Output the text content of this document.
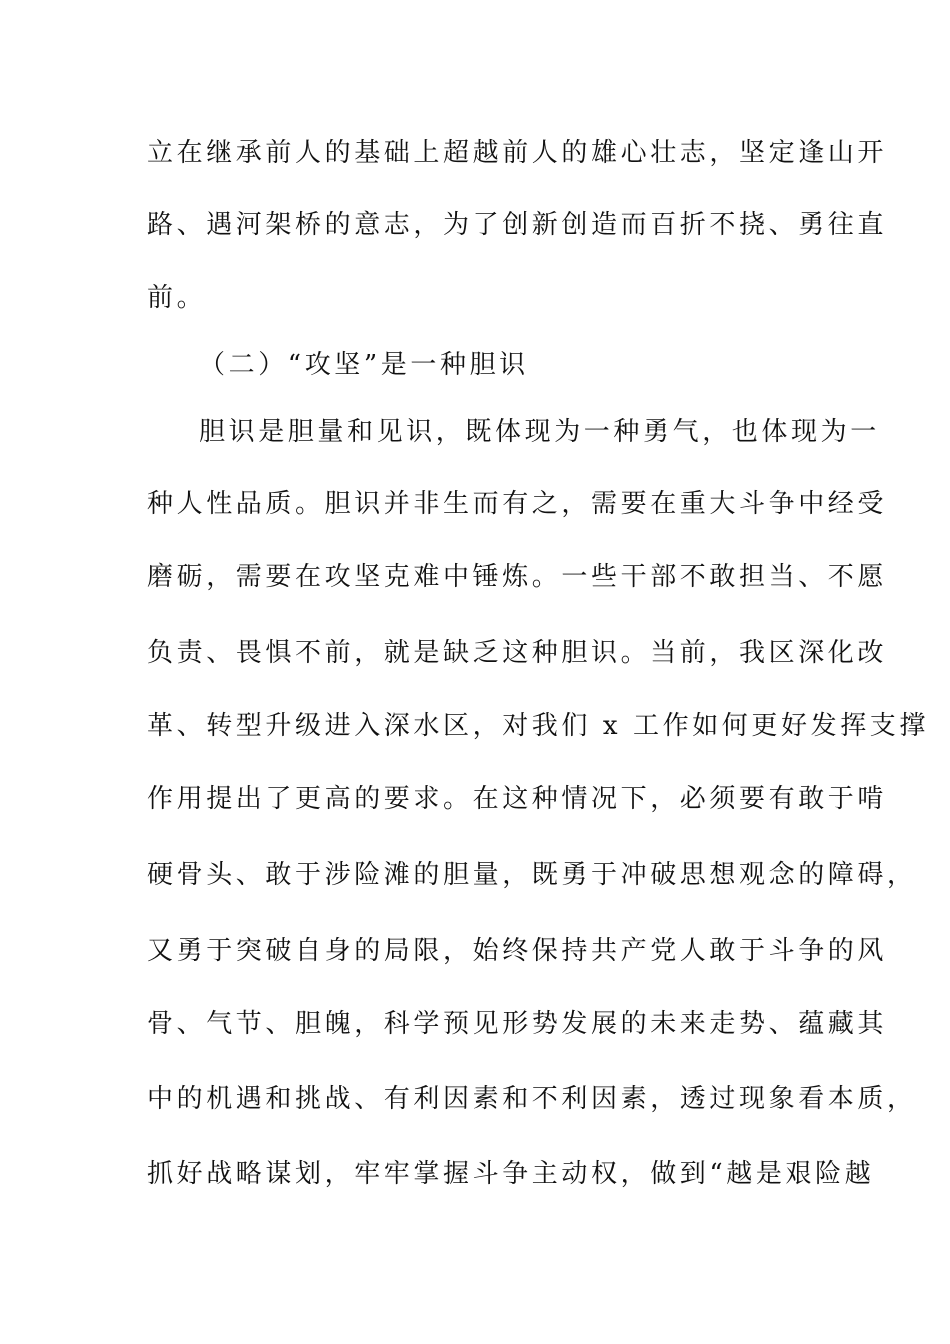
立在继承前人的基础上超越前人的雄心壮志，坚定逢山开
路、遇河架桥的意志，为了创新创造而百折不挠、勇往直
前。
（二）“攻坚”是一种胆识
胆识是胆量和见识，既体现为一种勇气，也体现为一
种人性品质。胆识并非生而有之，需要在重大斗争中经受
磨砺，需要在攻坚克难中锤炼。一些干部不敢担当、不愿
负责、畏惧不前，就是缺乏这种胆识。当前，我区深化改
革、转型升级进入深水区，对我们 x 工作如何更好发挥支撑
作用提出了更高的要求。在这种情况下，必须要有敢于啃
硬骨头、敢于涉险滩的胆量，既勇于冲破思想观念的障碍，
又勇于突破自身的局限，始终保持共产党人敢于斗争的风
骨、气节、胆魄，科学预见形势发展的未来走势、蕴藏其
中的机遇和挑战、有利因素和不利因素，透过现象看本质，
抓好战略谋划，牢牢掌握斗争主动权，做到“越是艰险越
